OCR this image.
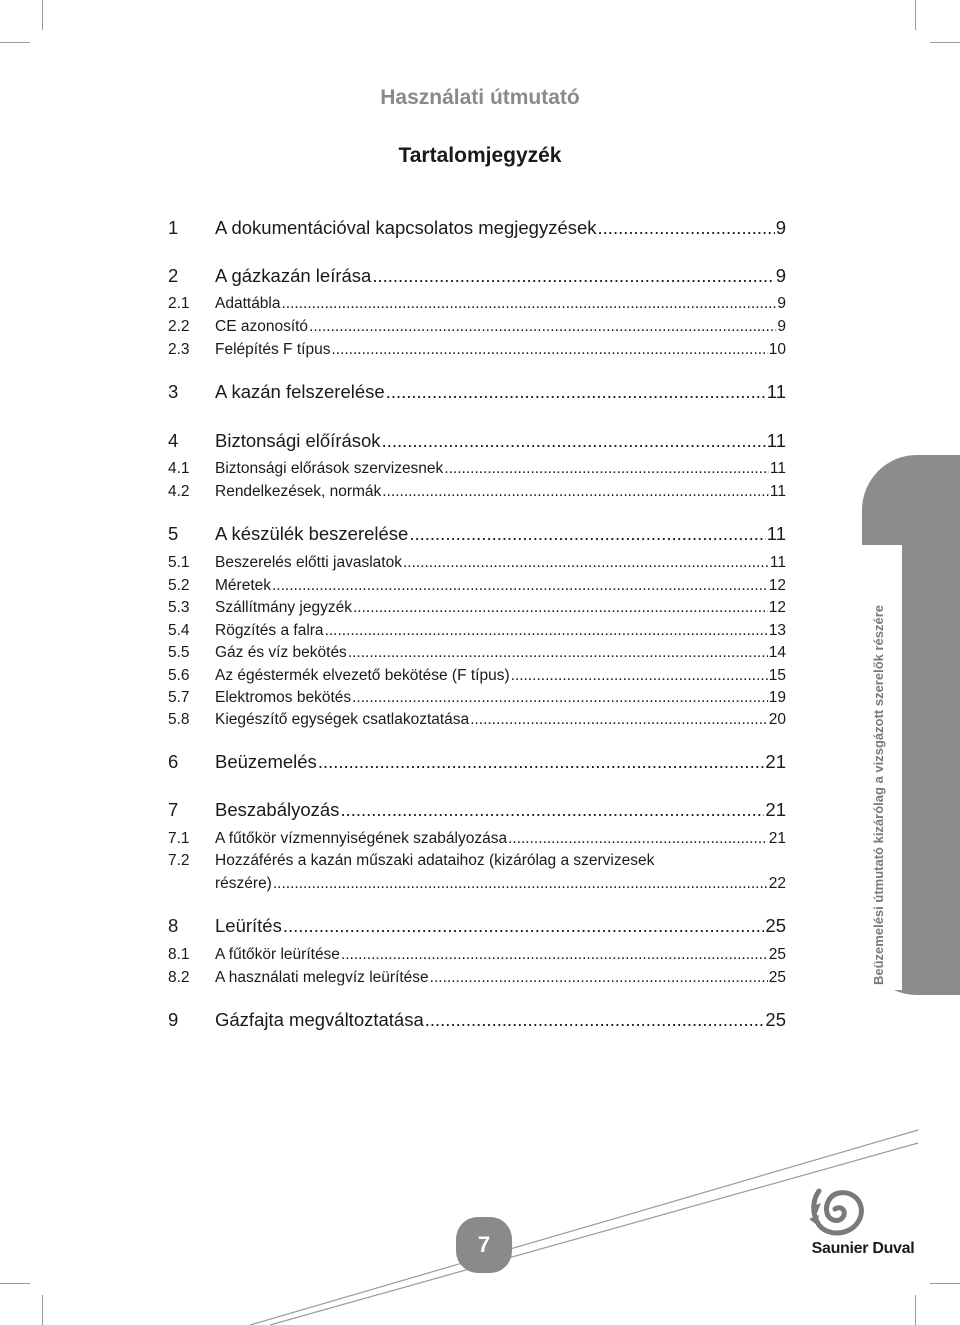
Használati útmutató
Tartalomjegyzék
1	A dokumentációval kapcsolatos megjegyzések .....	9
2	A gázkazán leírása .....	9
2.1	Adattábla .....	9
2.2	CE azonosító .....	9
2.3	Felépítés F típus .....	10
3	A kazán felszerelése .....	11
4	Biztonsági előírások .....	11
4.1	Biztonsági előrások szervizesnek .....	11
4.2	Rendelkezések, normák .....	11
5	A készülék beszerelése .....	11
5.1	Beszerelés előtti javaslatok .....	11
5.2	Méretek .....	12
5.3	Szállítmány jegyzék .....	12
5.4	Rögzítés a falra .....	13
5.5	Gáz és víz bekötés .....	14
5.6	Az égéstermék elvezető bekötése (F típus) .....	15
5.7	Elektromos bekötés .....	19
5.8	Kiegészítő egységek csatlakoztatása .....	20
6	Beüzemelés .....	21
7	Beszabályozás .....	21
7.1	A fűtőkör vízmennyiségének szabályozása .....	21
7.2	Hozzáférés a kazán műszaki adataihoz (kizárólag a szervizesek
részére) .....	22
8	Leürítés .....	25
8.1	A fűtőkör leürítése .....	25
8.2	A használati melegvíz leürítése .....	25
9	Gázfajta megváltoztatása .....	25
Beüzemelési útmutató kizárólag a vizsgázott szerelők részére
7	Saunier Duval
